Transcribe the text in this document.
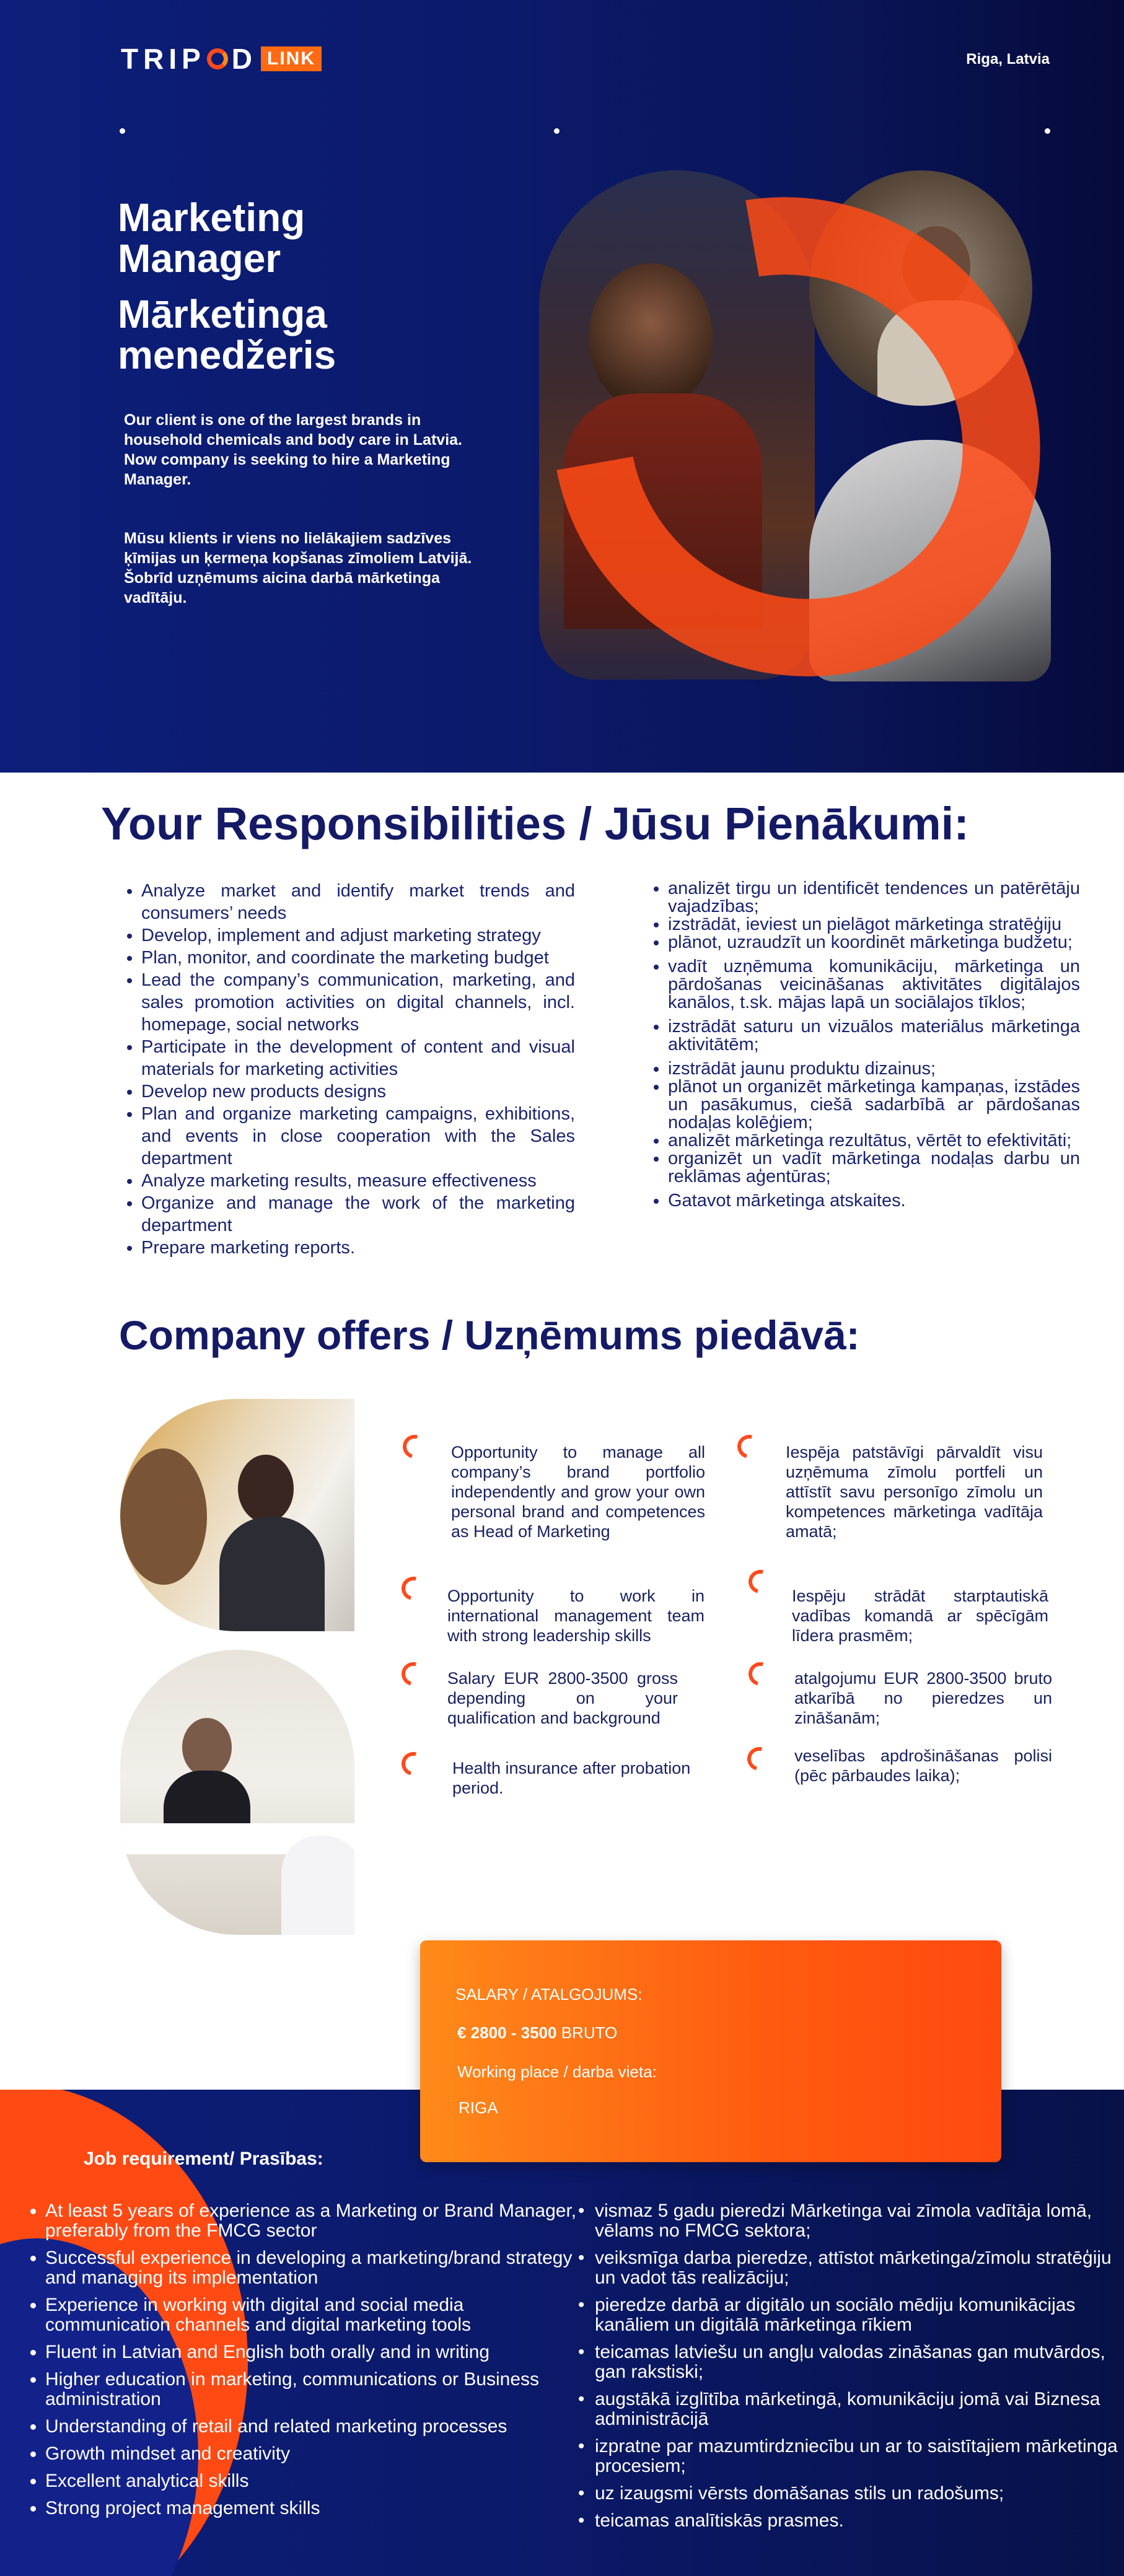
TRIP D LINK	Riga, Latvia
Marketing
Manager
Mārketinga
menedžeris
Our client is one of the largest brands in household chemicals and body care in Latvia. Now company is seeking to hire a Marketing Manager.
Mūsu klients ir viens no lielākajiem sadzīves ķīmijas un ķermeņa kopšanas zīmoliem Latvijā. Šobrīd uzņēmums aicina darbā mārketinga vadītāju.
Your Responsibilities / Jūsu Pienākumi:
• Analyze market and identify market trends and consumers’ needs
• Develop, implement and adjust marketing strategy
• Plan, monitor, and coordinate the marketing budget
• Lead the company’s communication, marketing, and sales promotion activities on digital channels, incl. homepage, social networks
• Participate in the development of content and visual materials for marketing activities
• Develop new products designs
• Plan and organize marketing campaigns, exhibitions, and events in close cooperation with the Sales department
• Analyze marketing results, measure effectiveness
• Organize and manage the work of the marketing department
• Prepare marketing reports.
• analizēt tirgu un identificēt tendences un patērētāju vajadzības;
• izstrādāt, ieviest un pielāgot mārketinga stratēģiju
• plānot, uzraudzīt un koordinēt mārketinga budžetu;
• vadīt uzņēmuma komunikāciju, mārketinga un pārdošanas veicināšanas aktivitātes digitālajos kanālos, t.sk. mājas lapā un sociālajos tīklos;
• izstrādāt saturu un vizuālos materiālus mārketinga aktivitātēm;
• izstrādāt jaunu produktu dizainus;
• plānot un organizēt mārketinga kampaņas, izstādes un pasākumus, ciešā sadarbībā ar pārdošanas nodaļas kolēģiem;
• analizēt mārketinga rezultātus, vērtēt to efektivitāti;
• organizēt un vadīt mārketinga nodaļas darbu un reklāmas aģentūras;
• Gatavot mārketinga atskaites.
Company offers / Uzņēmums piedāvā:
Opportunity to manage all company’s brand portfolio independently and grow your own personal brand and competences as Head of Marketing
Opportunity to work in international management team with strong leadership skills
Salary EUR 2800-3500 gross depending on your qualification and background
Health insurance after probation period.
Iespēja patstāvīgi pārvaldīt visu uzņēmuma zīmolu portfeli un attīstīt savu personīgo zīmolu un kompetences mārketinga vadītāja amatā;
Iespēju strādāt starptautiskā vadības komandā ar spēcīgām līdera prasmēm;
atalgojumu EUR 2800-3500 bruto atkarībā no pieredzes un zināšanām;
veselības apdrošināšanas polisi (pēc pārbaudes laika);
SALARY / ATALGOJUMS:
€ 2800 - 3500 BRUTO
Working place / darba vieta:
RIGA
Job requirement/ Prasības:
• At least 5 years of experience as a Marketing or Brand Manager, preferably from the FMCG sector
• Successful experience in developing a marketing/brand strategy and managing its implementation
• Experience in working with digital and social media communication channels and digital marketing tools
• Fluent in Latvian and English both orally and in writing
• Higher education in marketing, communications or Business administration
• Understanding of retail and related marketing processes
• Growth mindset and creativity
• Excellent analytical skills
• Strong project management skills
• vismaz 5 gadu pieredzi Mārketinga vai zīmola vadītāja lomā, vēlams no FMCG sektora;
• veiksmīga darba pieredze, attīstot mārketinga/zīmolu stratēģiju un vadot tās realizāciju;
• pieredze darbā ar digitālo un sociālo mēdiju komunikācijas kanāliem un digitālā mārketinga rīkiem
• teicamas latviešu un angļu valodas zināšanas gan mutvārdos, gan rakstiski;
• augstākā izglītība mārketingā, komunikāciju jomā vai Biznesa administrācijā
• izpratne par mazumtirdzniecību un ar to saistītajiem mārketinga procesiem;
• uz izaugsmi vērsts domāšanas stils un radošums;
• teicamas analītiskās prasmes.
